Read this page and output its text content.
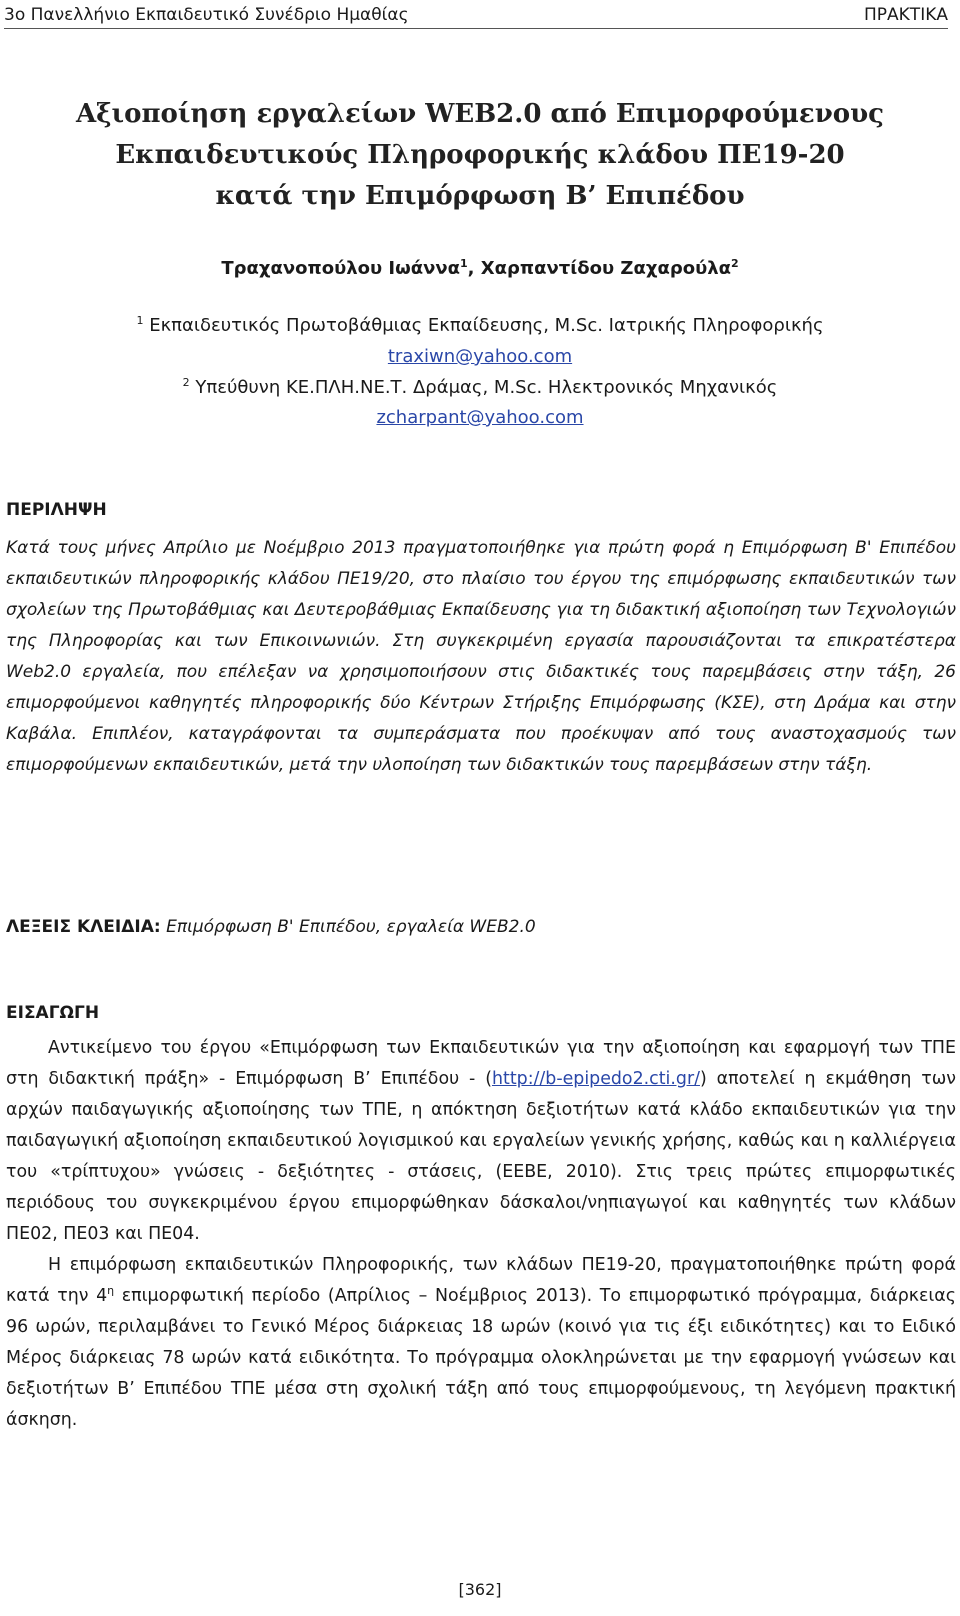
3ο Πανελλήνιο Εκπαιδευτικό Συνέδριο Ημαθίας	ΠΡΑΚΤΙΚΑ
Αξιοποίηση εργαλείων WEB2.0 από Επιμορφούμενους
Εκπαιδευτικούς Πληροφορικής κλάδου ΠΕ19-20
κατά την Επιμόρφωση Β’ Επιπέδου
Τραχανοπούλου Ιωάννα$^1$, Χαρπαντίδου Ζαχαρούλα$^2$
$^1$ Εκπαιδευτικός Πρωτοβάθμιας Εκπαίδευσης, M.Sc. Ιατρικής Πληροφορικής
traxiwn@yahoo.com
$^2$ Υπεύθυνη ΚΕ.ΠΛΗ.ΝΕ.Τ. Δράμας, M.Sc. Ηλεκτρονικός Μηχανικός
zcharpant@yahoo.com
ΠΕΡΙΛΗΨΗ
Κατά τους μήνες Απρίλιο με Νοέμβριο 2013 πραγματοποιήθηκε για πρώτη φορά η Επιμόρφωση Β' Επιπέδου εκπαιδευτικών πληροφορικής κλάδου ΠΕ19/20, στο πλαίσιο του έργου της επιμόρφωσης εκπαιδευτικών των σχολείων της Πρωτοβάθμιας και Δευτεροβάθμιας Εκπαίδευσης για τη διδακτική αξιοποίηση των Τεχνολογιών της Πληροφορίας και των Επικοινωνιών. Στη συγκεκριμένη εργασία παρουσιάζονται τα επικρατέστερα Web2.0 εργαλεία, που επέλεξαν να χρησιμοποιήσουν στις διδακτικές τους παρεμβάσεις στην τάξη, 26 επιμορφούμενοι καθηγητές πληροφορικής δύο Κέντρων Στήριξης Επιμόρφωσης (ΚΣΕ), στη Δράμα και στην Καβάλα. Επιπλέον, καταγράφονται τα συμπεράσματα που προέκυψαν από τους αναστοχασμούς των επιμορφούμενων εκπαιδευτικών, μετά την υλοποίηση των διδακτικών τους παρεμβάσεων στην τάξη.
ΛΕΞΕΙΣ ΚΛΕΙΔΙΑ: Επιμόρφωση Β' Επιπέδου, εργαλεία WEB2.0
ΕΙΣΑΓΩΓΗ

Αντικείμενο του έργου «Επιμόρφωση των Εκπαιδευτικών για την αξιοποίηση και εφαρμογή των ΤΠΕ στη διδακτική πράξη» - Επιμόρφωση Β’ Επιπέδου - (http://b-epipedo2.cti.gr/) αποτελεί η εκμάθηση των αρχών παιδαγωγικής αξιοποίησης των ΤΠΕ, η απόκτηση δεξιοτήτων κατά κλάδο εκπαιδευτικών για την παιδαγωγική αξιοποίηση εκπαιδευτικού λογισμικού και εργαλείων γενικής χρήσης, καθώς και η καλλιέργεια του «τρίπτυχου» γνώσεις - δεξιότητες - στάσεις, (ΕΕΒΕ, 2010). Στις τρεις πρώτες επιμορφωτικές περιόδους του συγκεκριμένου έργου επιμορφώθηκαν δάσκαλοι/νηπιαγωγοί και καθηγητές των κλάδων ΠΕ02, ΠΕ03 και ΠΕ04.

Η επιμόρφωση εκπαιδευτικών Πληροφορικής, των κλάδων ΠΕ19-20, πραγματοποιήθηκε πρώτη φορά κατά την $4^\eta$ επιμορφωτική περίοδο (Απρίλιος – Νοέμβριος 2013). Το επιμορφωτικό πρόγραμμα, διάρκειας 96 ωρών, περιλαμβάνει το Γενικό Μέρος διάρκειας 18 ωρών (κοινό για τις έξι ειδικότητες) και το Ειδικό Μέρος διάρκειας 78 ωρών κατά ειδικότητα. Το πρόγραμμα ολοκληρώνεται με την εφαρμογή γνώσεων και δεξιοτήτων Β’ Επιπέδου ΤΠΕ μέσα στη σχολική τάξη από τους επιμορφούμενους, τη λεγόμενη πρακτική άσκηση.

[362]
